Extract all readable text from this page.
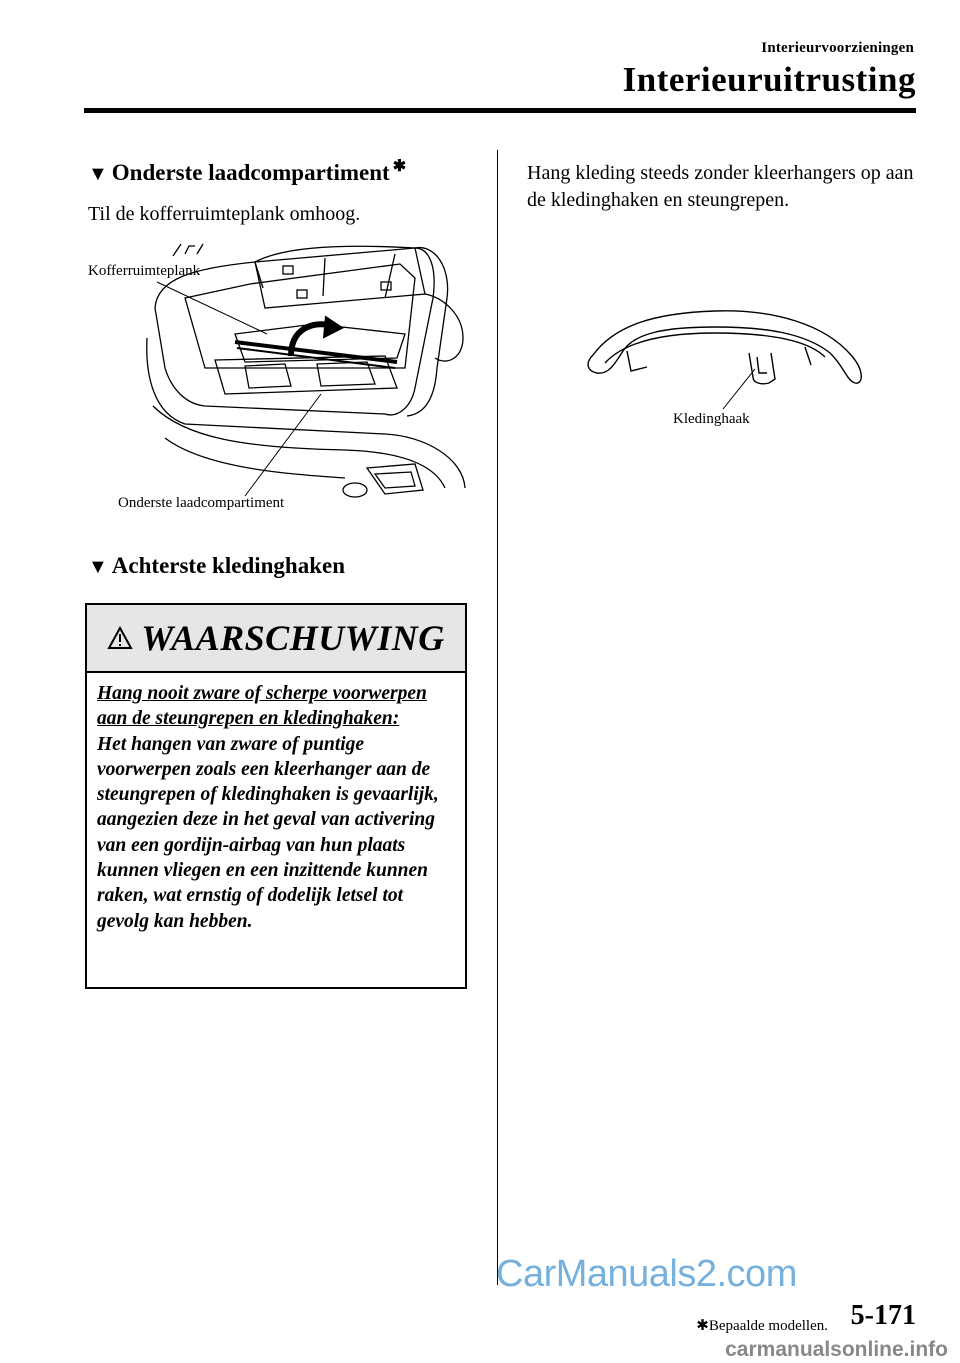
Interieurvoorzieningen
Interieuruitrusting
▼ Onderste laadcompartiment ✱
Til de kofferruimteplank omhoog.
Kofferruimteplank
Onderste laadcompartiment
▼ Achterste kledinghaken
WAARSCHUWING
Hang nooit zware of scherpe voorwerpen aan de steungrepen en kledinghaken:
Het hangen van zware of puntige voorwerpen zoals een kleerhanger aan de steungrepen of kledinghaken is gevaarlijk, aangezien deze in het geval van activering van een gordijn-airbag van hun plaats kunnen vliegen en een inzittende kunnen raken, wat ernstig of dodelijk letsel tot gevolg kan hebben.
Hang kleding steeds zonder kleerhangers op aan de kledinghaken en steungrepen.
Kledinghaak
✱Bepaalde modellen. 5-171
CarManuals2.com
carmanualsonline.info
